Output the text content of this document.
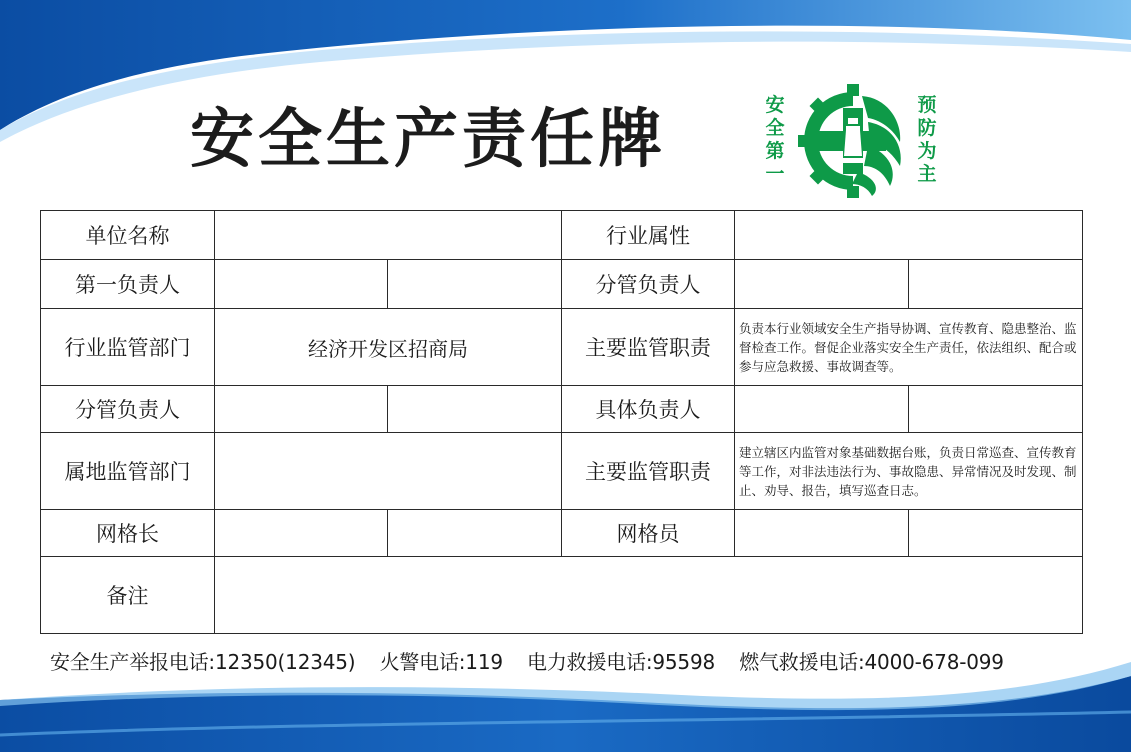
安全生产责任牌	安全第一
预防为主
单位名称			行业属性		
第一负责人			分管负责人		
行业监管部门	经济开发区招商局		主要监管职责	负责本行业领域安全生产指导协调、宣传教育、隐患整治、监督检查工作。督促企业落实安全生产责任，依法组织、配合或参与应急救援、事故调查等。	
分管负责人			具体负责人		
属地监管部门			主要监管职责	建立辖区内监管对象基础数据台账，负责日常巡查、宣传教育等工作，对非法违法行为、事故隐患、异常情况及时发现、制止、劝导、报告，填写巡查日志。	
网格长			网格员		
备注					
安全生产举报电话:12350(12345) 火警电话:119 电力救援电话:95598 燃气救援电话:4000-678-099
